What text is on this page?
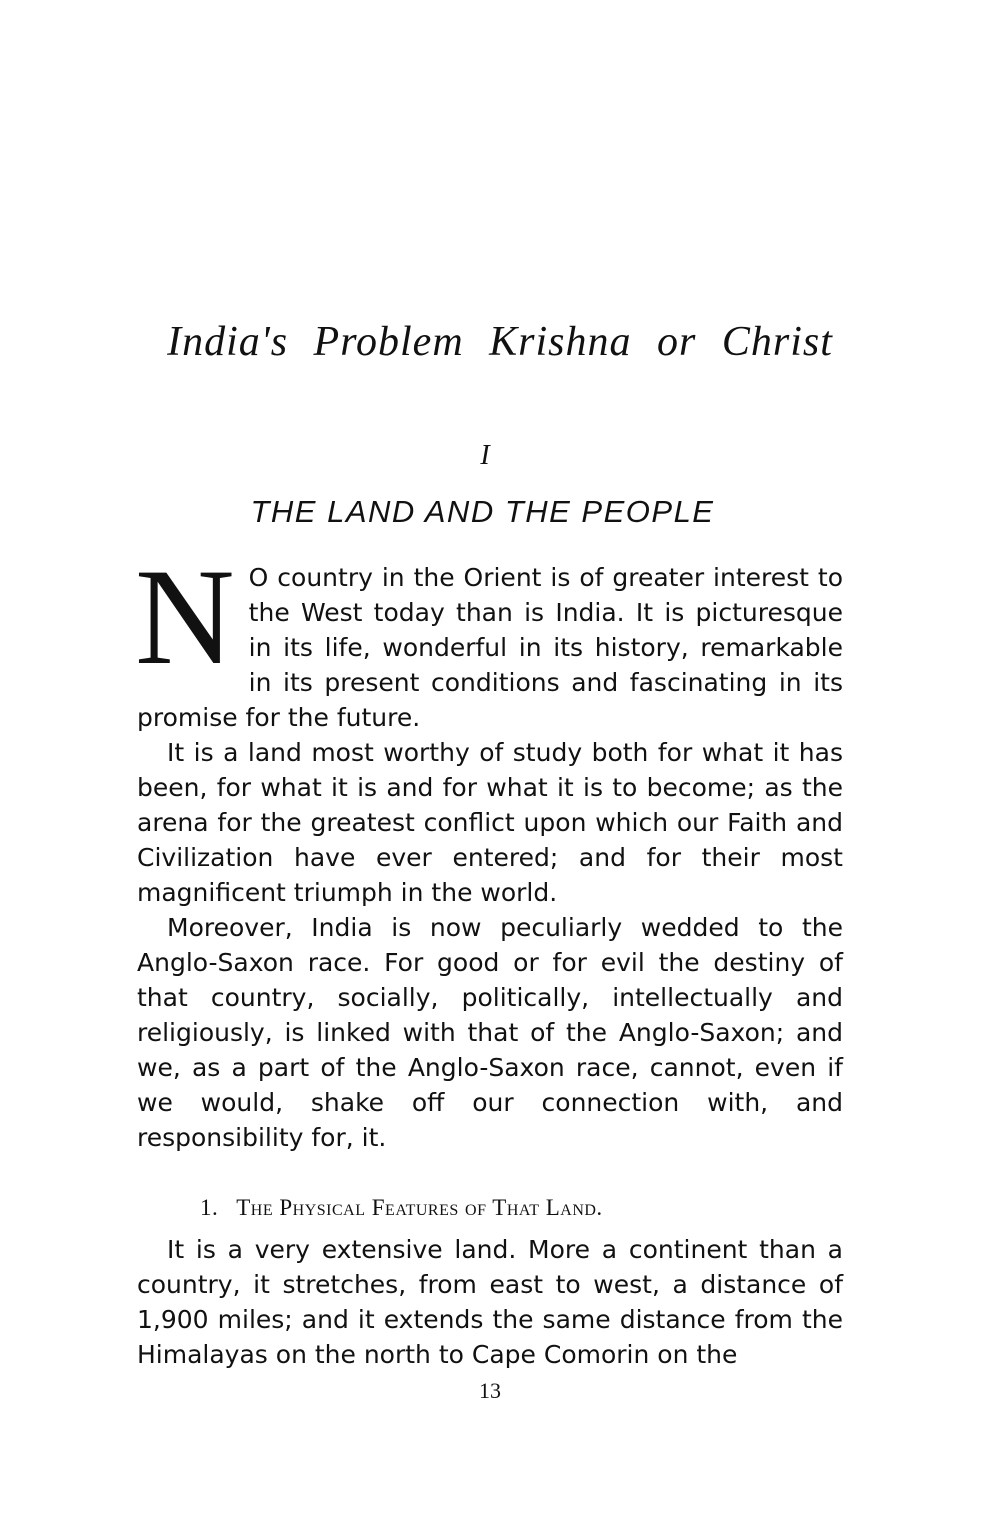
India's Problem Krishna or Christ
I
THE LAND AND THE PEOPLE

N O country in the Orient is of greater interest to the West today than is India. It is picturesque in its life, wonderful in its history, remarkable in its present conditions and fascinating in its promise for the future.

It is a land most worthy of study both for what it has been, for what it is and for what it is to become; as the arena for the greatest conflict upon which our Faith and Civilization have ever entered; and for their most magnificent triumph in the world.

Moreover, India is now peculiarly wedded to the Anglo-Saxon race. For good or for evil the destiny of that country, socially, politically, intellectually and religiously, is linked with that of the Anglo-Saxon; and we, as a part of the Anglo-Saxon race, cannot, even if we would, shake off our connection with, and responsibility for, it.

1. The Physical Features of That Land.

It is a very extensive land. More a continent than a country, it stretches, from east to west, a distance of 1,900 miles; and it extends the same distance from the Himalayas on the north to Cape Comorin on the

13
